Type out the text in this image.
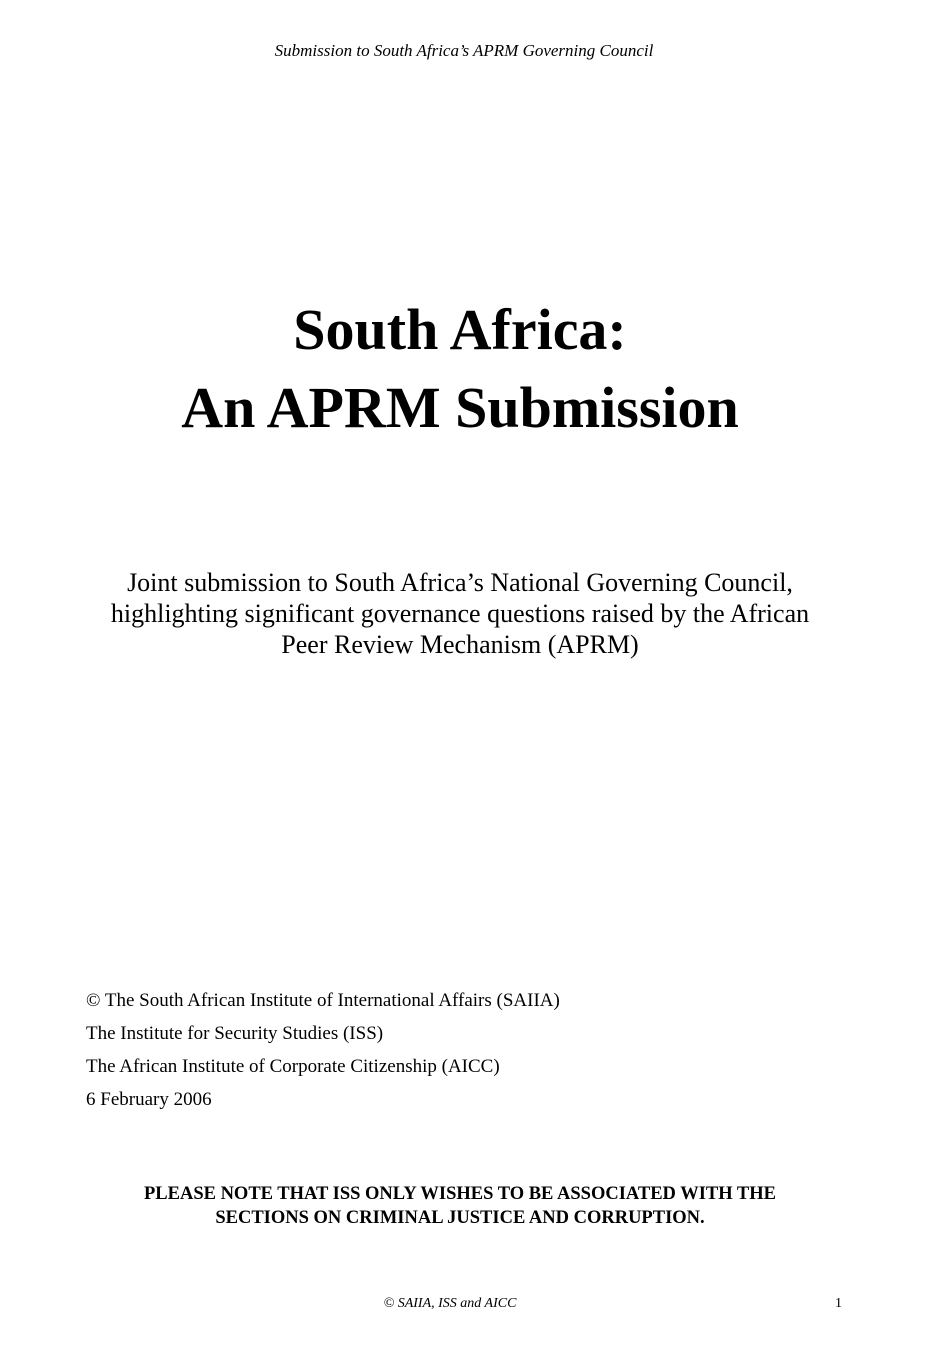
Submission to South Africa’s APRM Governing Council
South Africa:
An APRM Submission
Joint submission to South Africa’s National Governing Council,
highlighting significant governance questions raised by the African
Peer Review Mechanism (APRM)
© The South African Institute of International Affairs (SAIIA)
The Institute for Security Studies (ISS)
The African Institute of Corporate Citizenship (AICC)
6 February 2006
PLEASE NOTE THAT ISS ONLY WISHES TO BE ASSOCIATED WITH THE
SECTIONS ON CRIMINAL JUSTICE AND CORRUPTION.
© SAIIA, ISS and AICC	1
